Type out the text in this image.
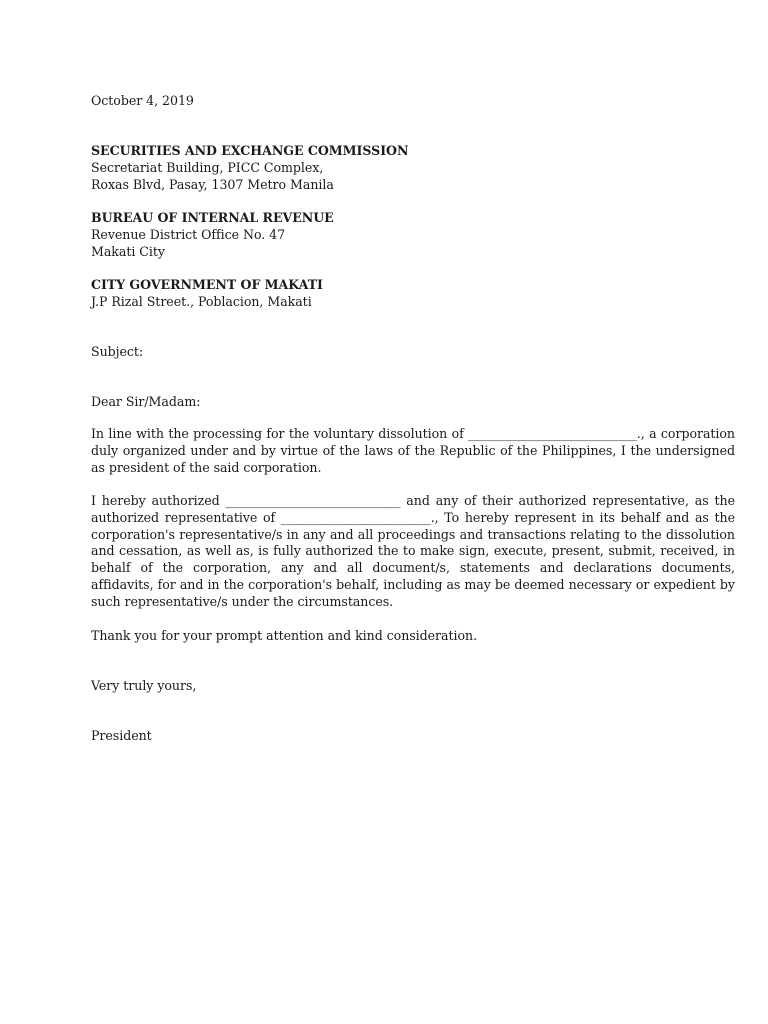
October 4, 2019
SECURITIES AND EXCHANGE COMMISSION
Secretariat Building, PICC Complex,
Roxas Blvd, Pasay, 1307 Metro Manila
BUREAU OF INTERNAL REVENUE
Revenue District Office No. 47
Makati City
CITY GOVERNMENT OF MAKATI
J.P Rizal Street., Poblacion, Makati
Subject:
Dear Sir/Madam:
In line with the processing for the voluntary dissolution of ___________________________., a corporation duly organized under and by virtue of the laws of the Republic of the Philippines, I the undersigned as president of the said corporation.
I hereby authorized ____________________________ and any of their authorized representative, as the authorized representative of ________________________., To hereby represent in its behalf and as the corporation's representative/s in any and all proceedings and transactions relating to the dissolution and cessation, as well as, is fully authorized the to make sign, execute, present, submit, received, in behalf of the corporation, any and all document/s, statements and declarations documents, affidavits, for and in the corporation's behalf, including as may be deemed necessary or expedient by such representative/s under the circumstances.
Thank you for your prompt attention and kind consideration.
Very truly yours,
President
